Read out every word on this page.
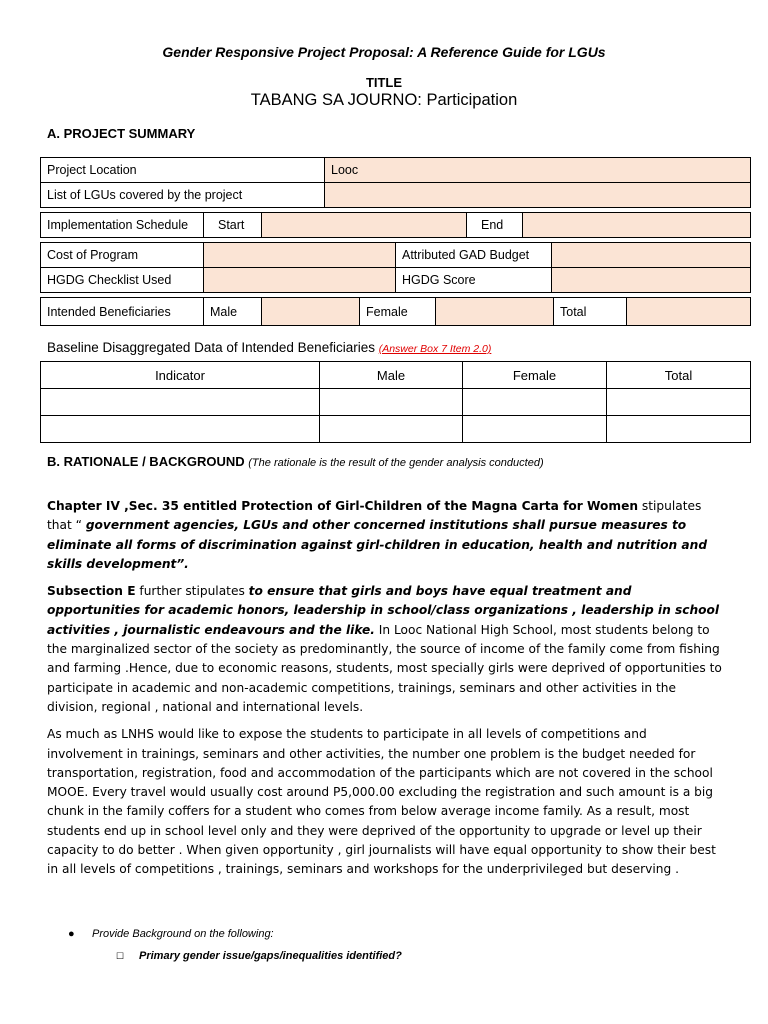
Gender Responsive Project Proposal: A Reference Guide for LGUs
TITLE
TABANG SA JOURNO: Participation
A. PROJECT SUMMARY
Project Location	Looc
List of LGUs covered by the project	
Implementation Schedule	Start		End	
Cost of Program		Attributed GAD Budget	
HGDG Checklist Used		HGDG Score	
Intended Beneficiaries	Male		Female		Total	
Baseline Disaggregated Data of Intended Beneficiaries (Answer Box 7 Item 2.0)
Indicator	Male	Female	Total

B. RATIONALE / BACKGROUND (The rationale is the result of the gender analysis conducted)

Chapter IV ,Sec. 35 entitled Protection of Girl-Children of the Magna Carta for Women stipulates that “ government agencies, LGUs and other concerned institutions shall pursue measures to eliminate all forms of discrimination against girl-children in education, health and nutrition and skills development”.

Subsection E further stipulates to ensure that girls and boys have equal treatment and opportunities for academic honors, leadership in school/class organizations , leadership in school activities , journalistic endeavours and the like. In Looc National High School, most students belong to the marginalized sector of the society as predominantly, the source of income of the family come from fishing and farming .Hence, due to economic reasons, students, most specially girls were deprived of opportunities to participate in academic and non-academic competitions, trainings, seminars and other activities in the division, regional , national and international levels.

As much as LNHS would like to expose the students to participate in all levels of competitions and involvement in trainings, seminars and other activities, the number one problem is the budget needed for transportation, registration, food and accommodation of the participants which are not covered in the school MOOE. Every travel would usually cost around P5,000.00 excluding the registration and such amount is a big chunk in the family coffers for a student who comes from below average income family. As a result, most students end up in school level only and they were deprived of the opportunity to upgrade or level up their capacity to do better . When given opportunity , girl journalists will have equal opportunity to show their best in all levels of competitions , trainings, seminars and workshops for the underprivileged but deserving .

● Provide Background on the following:
☐ Primary gender issue/gaps/inequalities identified?
